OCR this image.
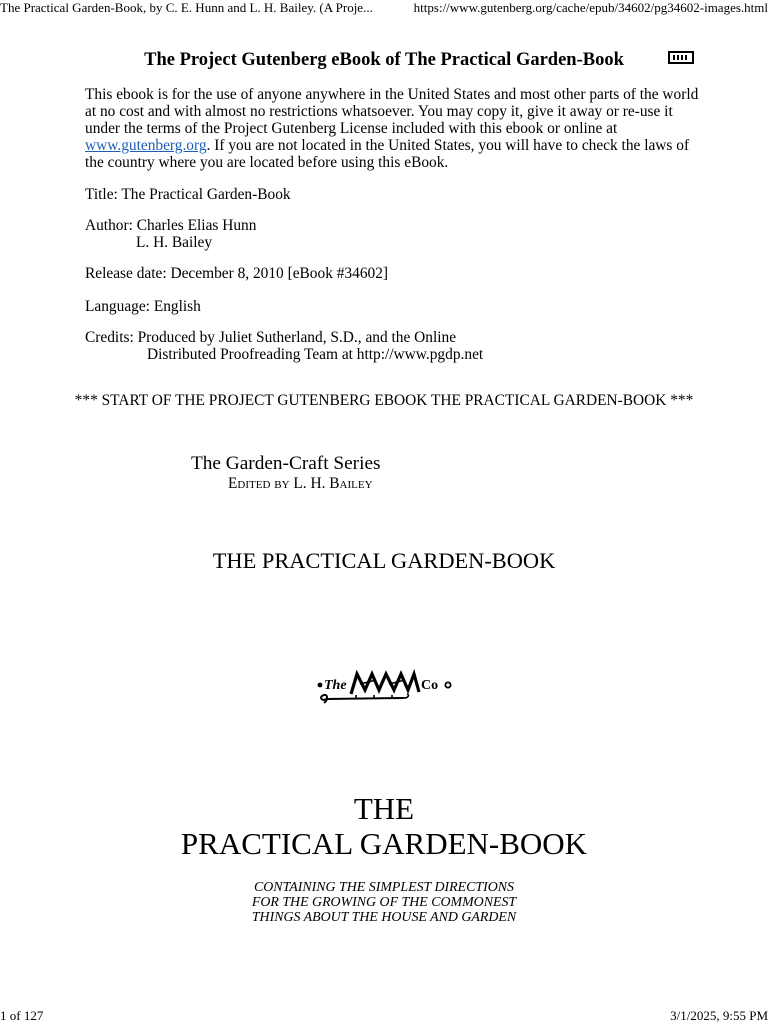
The Practical Garden-Book, by C. E. Hunn and L. H. Bailey. (A Proje...	https://www.gutenberg.org/cache/epub/34602/pg34602-images.html
The Project Gutenberg eBook of The Practical Garden-Book
This ebook is for the use of anyone anywhere in the United States and most other parts of the world
at no cost and with almost no restrictions whatsoever. You may copy it, give it away or re-use it
under the terms of the Project Gutenberg License included with this ebook or online at
www.gutenberg.org. If you are not located in the United States, you will have to check the laws of
the country where you are located before using this eBook.
Title: The Practical Garden-Book
Author: Charles Elias Hunn
L. H. Bailey
Release date: December 8, 2010 [eBook #34602]
Language: English
Credits: Produced by Juliet Sutherland, S.D., and the Online
Distributed Proofreading Team at http://www.pgdp.net
*** START OF THE PROJECT GUTENBERG EBOOK THE PRACTICAL GARDEN-BOOK ***
The Garden-Craft Series
Edited by L. H. Bailey
THE PRACTICAL GARDEN-BOOK
The	Co
THE
PRACTICAL GARDEN-BOOK
CONTAINING THE SIMPLEST DIRECTIONS
FOR THE GROWING OF THE COMMONEST
THINGS ABOUT THE HOUSE AND GARDEN
1 of 127	3/1/2025, 9:55 PM
